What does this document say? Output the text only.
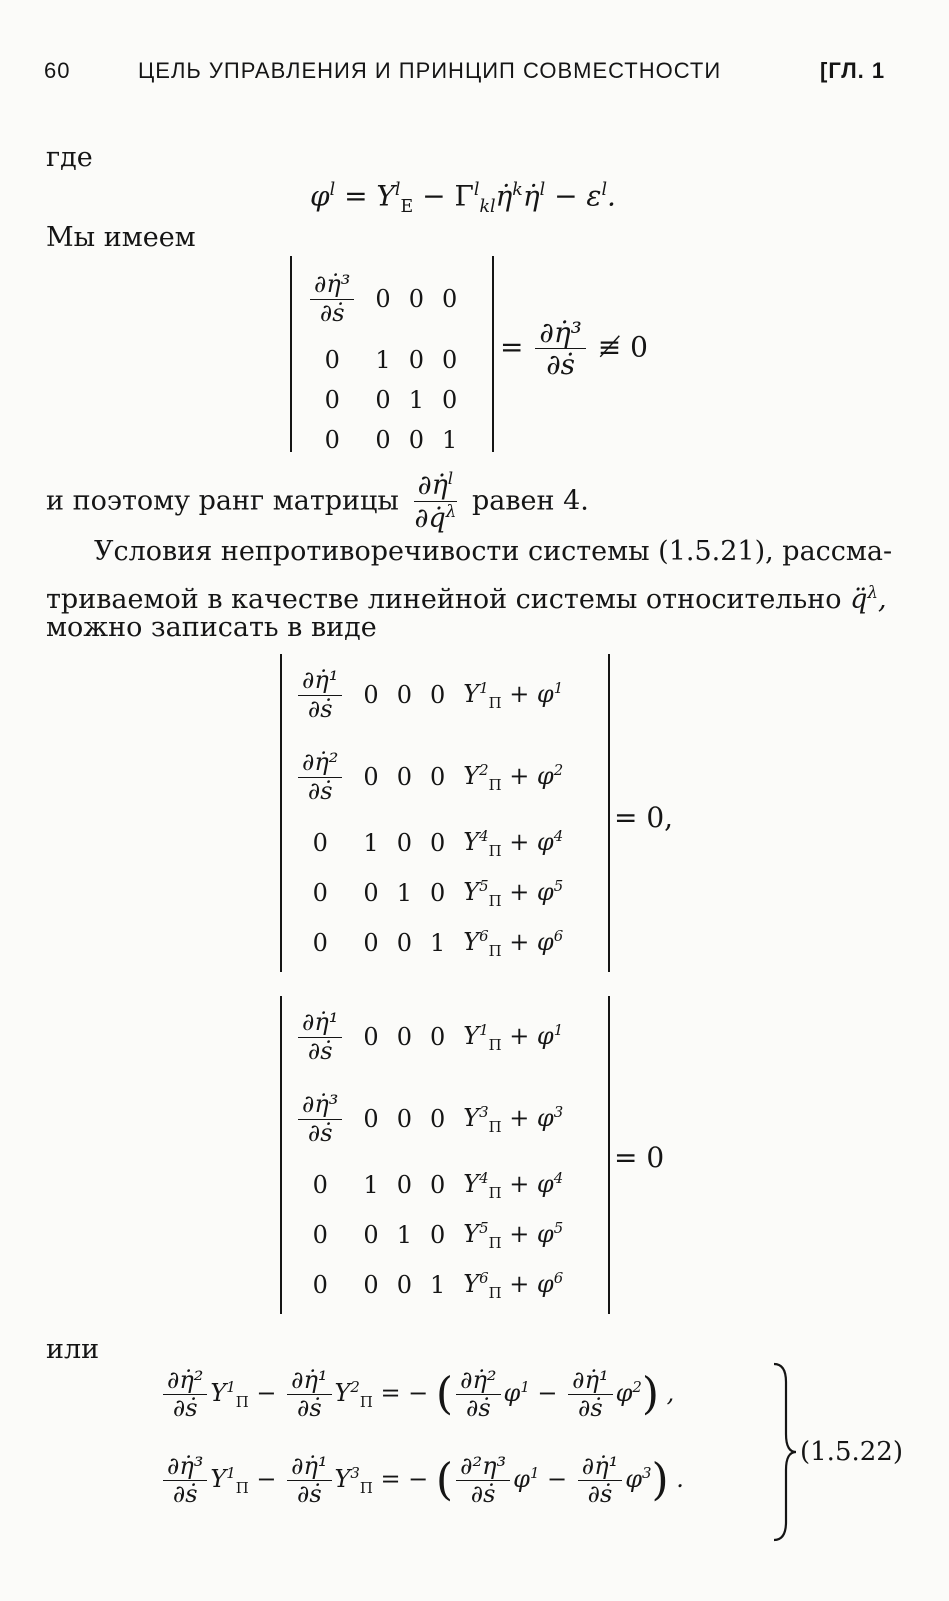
60	ЦЕЛЬ УПРАВЛЕНИЯ И ПРИНЦИП СОВМЕСТНОСТИ	[ГЛ. 1
где
$\varphi^l = Y^l_E$ − $\Gamma^l_{kl}\etȧ^k\etȧ^l - \varepsilon^l$.
Мы имеем
$\frac{\text{∂η̇³}}{\text{∂ṡ}}$	0	0	0
0	1	0	0
0	0	1	0
0	0	0	1
= $\frac{\text{∂η̇³}}{\text{∂ṡ}}$ ≢ 0
и поэтому ранг матрицы $\frac{\partial\etȧ^l}{\partial q̇^\lambda}$ равен 4.
Условия непротиворечивости системы (1.5.21), рассма-
триваемой в качестве линейной системы относительно q̈$^\lambda$,
можно записать в виде
$\frac{\text{∂η̇¹}}{\text{∂ṡ}}$	0	0	0	$Y^1_П + \varphi^1$

$\frac{\text{∂η̇²}}{\text{∂ṡ}}$	0	0	0	$Y^2_П + \varphi^2$
0	1	0	0	$Y^4_П + \varphi^4$
0	0	1	0	$Y^5_П + \varphi^5$
0	0	0	1	$Y^6_П + \varphi^6$
= 0,
$\frac{\text{∂η̇¹}}{\text{∂ṡ}}$	0	0	0	$Y^1_П + \varphi^1$

$\frac{\text{∂η̇³}}{\text{∂ṡ}}$	0	0	0	$Y^3_П + \varphi^3$
0	1	0	0	$Y^4_П + \varphi^4$
0	0	1	0	$Y^5_П + \varphi^5$
0	0	0	1	$Y^6_П + \varphi^6$
= 0
или
$\frac{\text{∂η̇²}}{\text{∂ṡ}} Y^1_П - \frac{\text{∂η̇¹}}{\text{∂ṡ}} Y^2_П$ = − ( $\frac{\text{∂η̇²}}{\text{∂ṡ}} \varphi^1 - \frac{\text{∂η̇¹}}{\text{∂ṡ}} \varphi^2$) ,
$\frac{\text{∂η̇³}}{\text{∂ṡ}} Y^1_П - \frac{\text{∂η̇¹}}{\text{∂ṡ}} Y^3_П$ = − ( $\frac{\text{∂²η³}}{\text{∂ṡ}} \varphi^1 - \frac{\text{∂η̇¹}}{\text{∂ṡ}} \varphi^3$) .
(1.5.22)
